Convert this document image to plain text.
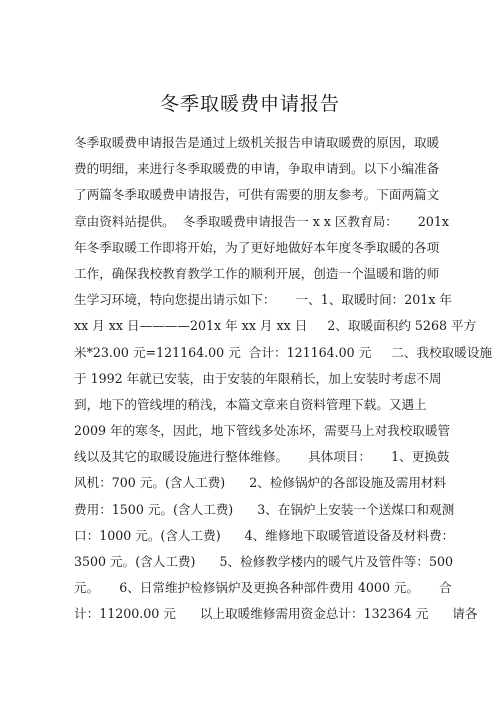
冬季取暖费申请报告
冬季取暖费申请报告是通过上级机关报告申请取暖费的原因，取暖
费的明细，来进行冬季取暖费的申请，争取申请到。以下小编准备
了两篇冬季取暖费申请报告，可供有需要的朋友参考。下面两篇文
章由资料站提供。  冬季取暖费申请报告一 x x 区教育局：     201x
年冬季取暖工作即将开始，为了更好地做好本年度冬季取暖的各项
工作，确保我校教育教学工作的顺利开展，创造一个温暖和谐的师
生学习环境，特向您提出请示如下：     一、1、取暖时间：201x 年
xx 月 xx 日————201x 年 xx 月 xx 日     2、取暖面积约 5268 平方
米*23.00 元=121164.00 元  合计：121164.00 元     二、我校取暖设施
于 1992 年就已安装，由于安装的年限稍长，加上安装时考虑不周
到，地下的管线埋的稍浅，本篇文章来自资料管理下载。又遇上
2009 年的寒冬，因此，地下管线多处冻坏，需要马上对我校取暖管
线以及其它的取暖设施进行整体维修。     具体项目：     1、更换鼓
风机：700 元。(含人工费)      2、检修锅炉的各部设施及需用材料
费用：1500 元。(含人工费)      3、在锅炉上安装一个送煤口和观测
口：1000 元。(含人工费)      4、维修地下取暖管道设备及材料费：
3500 元。(含人工费)      5、检修教学楼内的暖气片及管件等：500
元。     6、日常维护检修锅炉及更换各种部件费用 4000 元。     合
计：11200.00 元      以上取暖维修需用资金总计：132364 元      请各
